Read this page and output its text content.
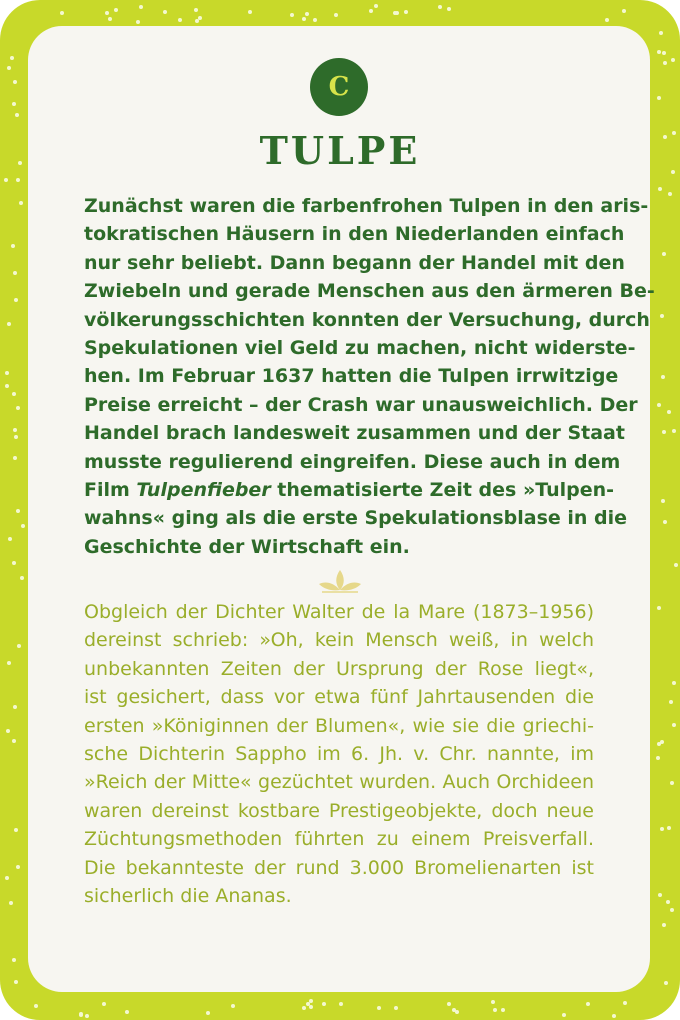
C
TULPE

Zunächst waren die farbenfrohen Tulpen in den aris-
tokratischen Häusern in den Niederlanden einfach
nur sehr beliebt. Dann begann der Handel mit den
Zwiebeln und gerade Menschen aus den ärmeren Be-
völkerungsschichten konnten der Versuchung, durch
Spekulationen viel Geld zu machen, nicht widerste-
hen. Im Februar 1637 hatten die Tulpen irrwitzige
Preise erreicht – der Crash war unausweichlich. Der
Handel brach landesweit zusammen und der Staat
musste regulierend eingreifen. Diese auch in dem
Film Tulpenfieber thematisierte Zeit des »Tulpen-
wahns« ging als die erste Spekulationsblase in die
Geschichte der Wirtschaft ein.

Obgleich der Dichter Walter de la Mare (1873–1956)
dereinst schrieb: »Oh, kein Mensch weiß, in welch
unbekannten Zeiten der Ursprung der Rose liegt«,
ist gesichert, dass vor etwa fünf Jahrtausenden die
ersten »Königinnen der Blumen«, wie sie die griechi-
sche Dichterin Sappho im 6. Jh. v. Chr. nannte, im
»Reich der Mitte« gezüchtet wurden. Auch Orchideen
waren dereinst kostbare Prestigeobjekte, doch neue
Züchtungsmethoden führten zu einem Preisverfall.
Die bekannteste der rund 3.000 Bromelienarten ist
sicherlich die Ananas.
